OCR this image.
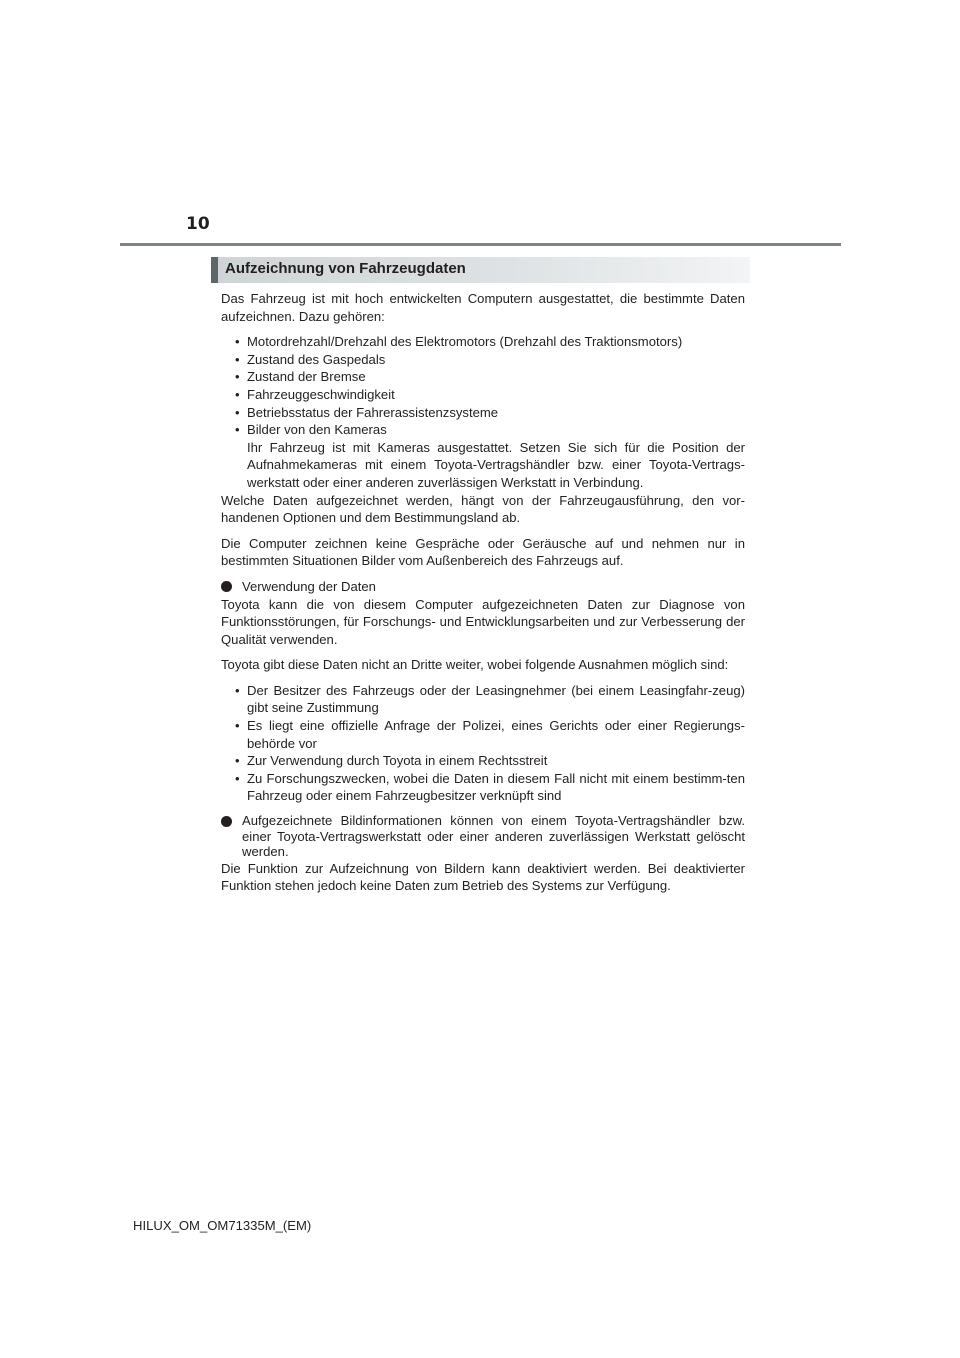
10
Aufzeichnung von Fahrzeugdaten

Das Fahrzeug ist mit hoch entwickelten Computern ausgestattet, die bestimmte Daten aufzeichnen. Dazu gehören:

• Motordrehzahl/Drehzahl des Elektromotors (Drehzahl des Traktionsmotors)
• Zustand des Gaspedals
• Zustand der Bremse
• Fahrzeuggeschwindigkeit
• Betriebsstatus der Fahrerassistenzsysteme
• Bilder von den Kameras
Ihr Fahrzeug ist mit Kameras ausgestattet. Setzen Sie sich für die Position der Aufnahmekameras mit einem Toyota-Vertragshändler bzw. einer Toyota-Vertrags-werkstatt oder einer anderen zuverlässigen Werkstatt in Verbindung.

Welche Daten aufgezeichnet werden, hängt von der Fahrzeugausführung, den vor-handenen Optionen und dem Bestimmungsland ab.

Die Computer zeichnen keine Gespräche oder Geräusche auf und nehmen nur in bestimmten Situationen Bilder vom Außenbereich des Fahrzeugs auf.

Verwendung der Daten

Toyota kann die von diesem Computer aufgezeichneten Daten zur Diagnose von Funktionsstörungen, für Forschungs- und Entwicklungsarbeiten und zur Verbesserung der Qualität verwenden.

Toyota gibt diese Daten nicht an Dritte weiter, wobei folgende Ausnahmen möglich sind:

• Der Besitzer des Fahrzeugs oder der Leasingnehmer (bei einem Leasingfahr-zeug) gibt seine Zustimmung
• Es liegt eine offizielle Anfrage der Polizei, eines Gerichts oder einer Regierungs-behörde vor
• Zur Verwendung durch Toyota in einem Rechtsstreit
• Zu Forschungszwecken, wobei die Daten in diesem Fall nicht mit einem bestimm-ten Fahrzeug oder einem Fahrzeugbesitzer verknüpft sind
Aufgezeichnete Bildinformationen können von einem Toyota-Vertragshändler bzw. einer Toyota-Vertragswerkstatt oder einer anderen zuverlässigen Werkstatt gelöscht werden.

Die Funktion zur Aufzeichnung von Bildern kann deaktiviert werden. Bei deaktivierter Funktion stehen jedoch keine Daten zum Betrieb des Systems zur Verfügung.

HILUX_OM_OM71335M_(EM)
